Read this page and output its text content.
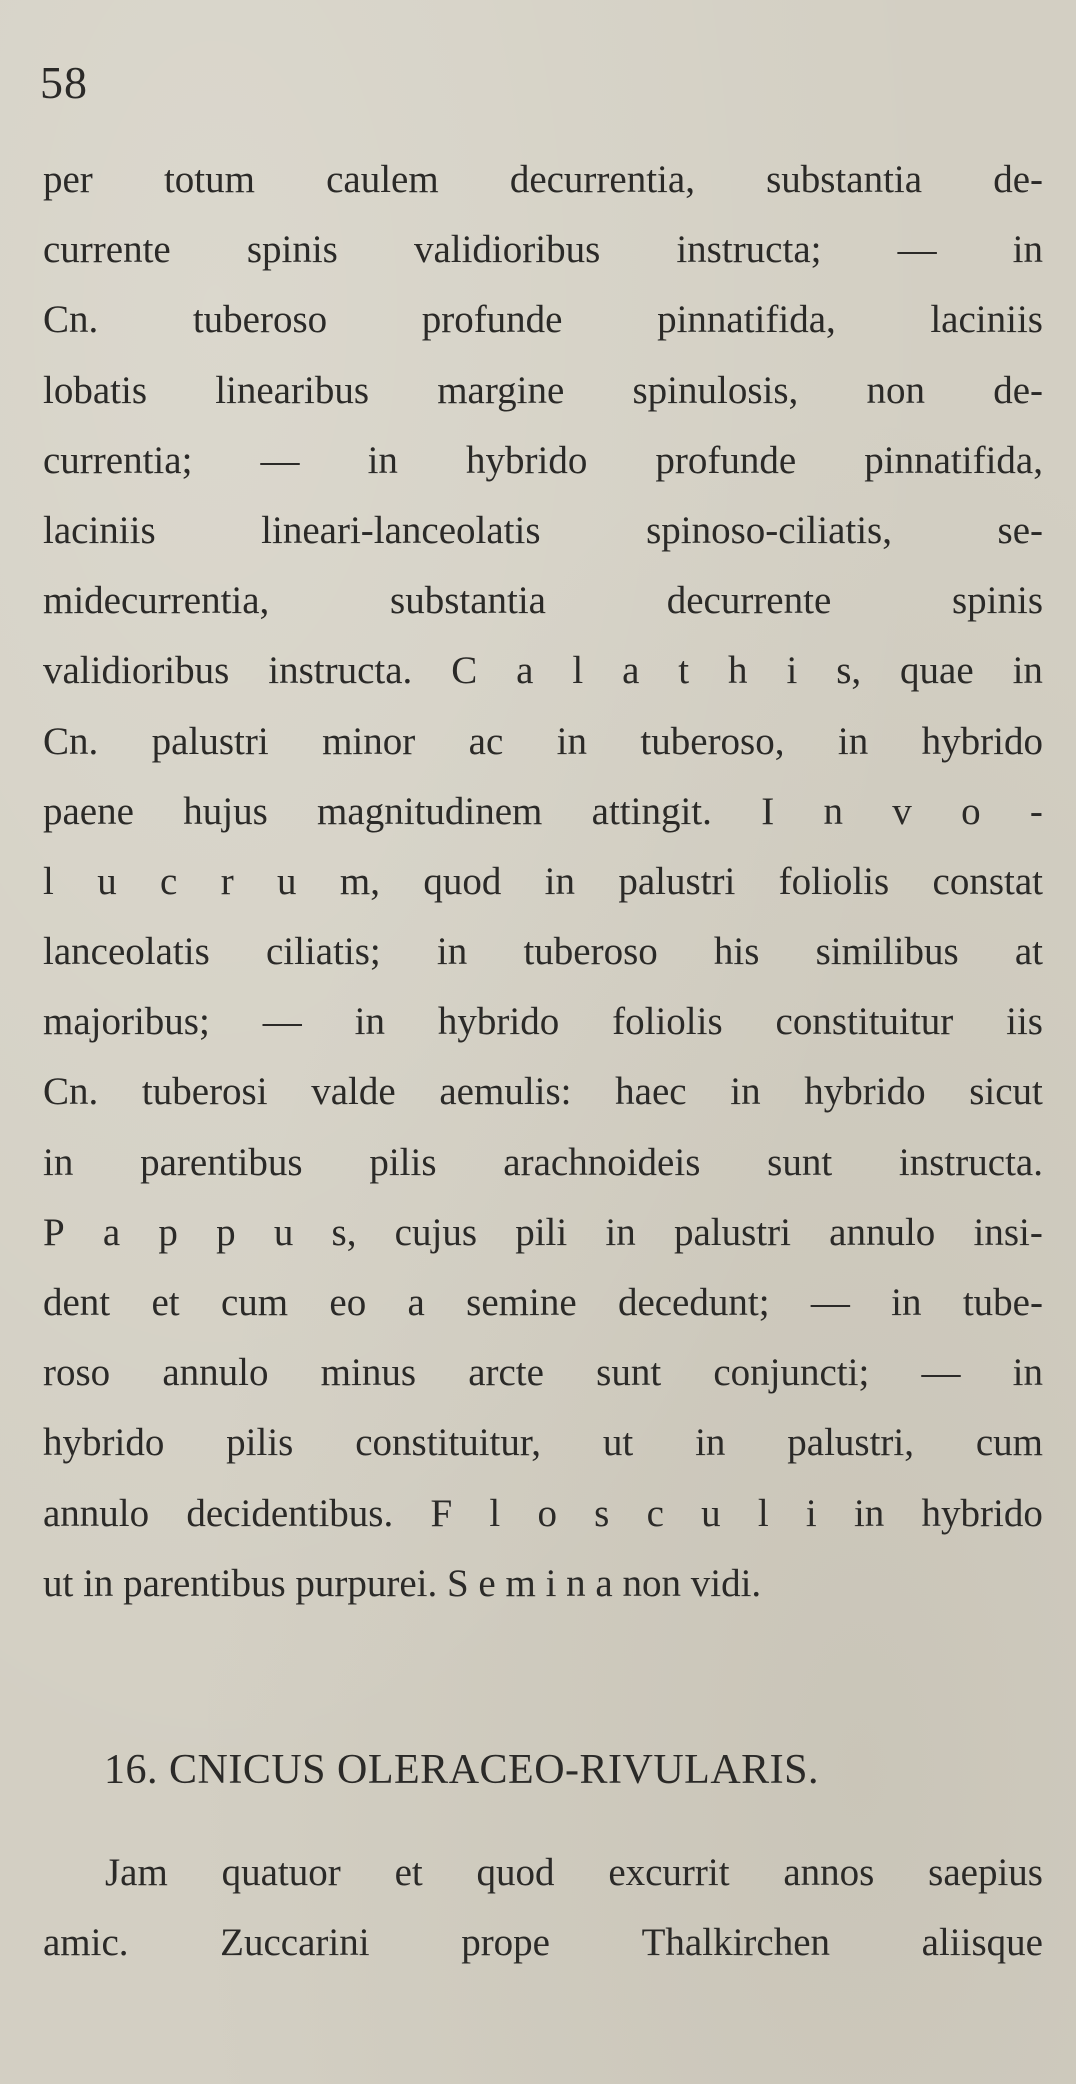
58
per totum caulem decurrentia, substantia de-
currente spinis validioribus instructa; — in
Cn. tuberoso profunde pinnatifida, laciniis
lobatis linearibus margine spinulosis, non de-
currentia; — in hybrido profunde pinnatifida,
laciniis	lineari-lanceolatis	spinoso-ciliatis,	se-
midecurrentia,	substantia	decurrente	spinis
validioribus instructa. C a l a t h i s, quae in
Cn. palustri minor ac in tuberoso, in hybrido
paene hujus magnitudinem attingit. I n v o -
l u c r u m, quod in palustri foliolis constat
lanceolatis ciliatis; in tuberoso his similibus at
majoribus; — in hybrido foliolis constituitur iis
Cn. tuberosi valde aemulis: haec in hybrido sicut
in parentibus pilis arachnoideis sunt instructa.
P a p p u s, cujus pili in palustri annulo insi-
dent et cum eo a semine decedunt; — in tube-
roso annulo minus arcte sunt conjuncti; — in
hybrido pilis constituitur, ut in palustri, cum
annulo decidentibus. F l o s c u l i in hybrido
ut in parentibus purpurei. S e m i n a non vidi.
16. CNICUS OLERACEO-RIVULARIS.
Jam quatuor et quod excurrit annos saepius
amic. Zuccarini prope Thalkirchen aliisque
